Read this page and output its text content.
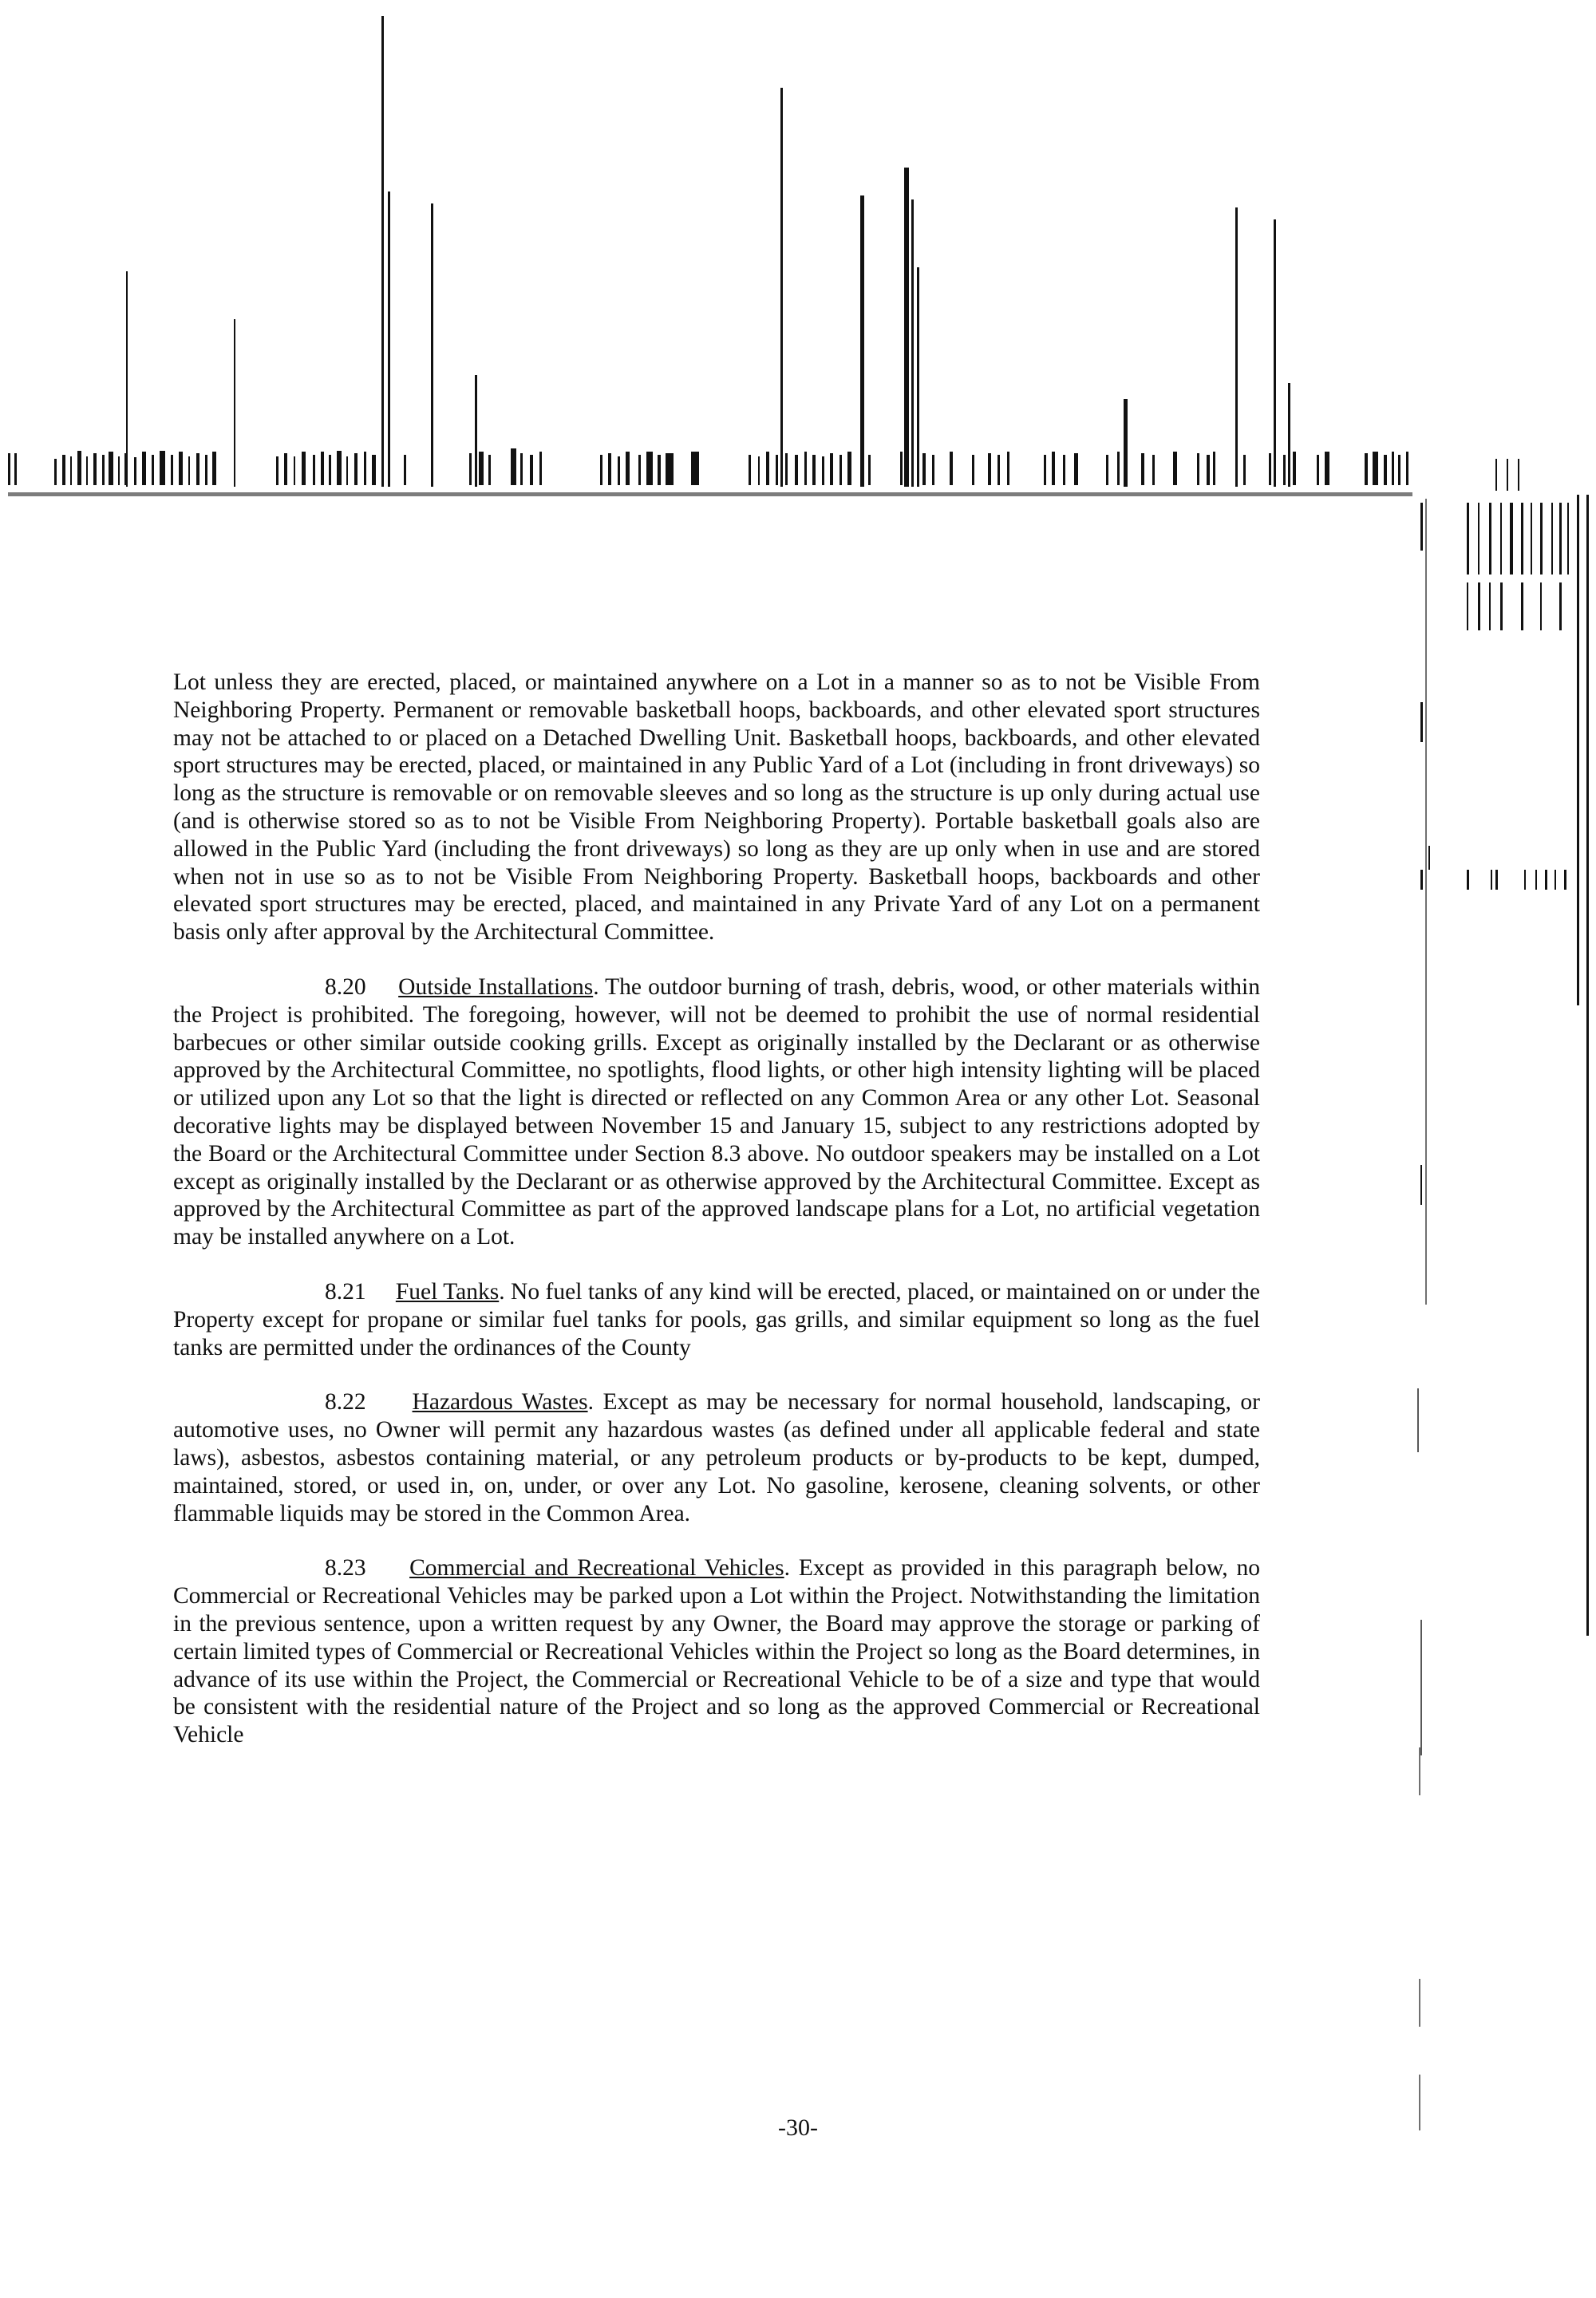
Lot unless they are erected, placed, or maintained anywhere on a Lot in a manner so as to not be Visible From Neighboring Property. Permanent or removable basketball hoops, backboards, and other elevated sport structures may not be attached to or placed on a Detached Dwelling Unit. Basketball hoops, backboards, and other elevated sport structures may be erected, placed, or maintained in any Public Yard of a Lot (including in front driveways) so long as the structure is removable or on removable sleeves and so long as the structure is up only during actual use (and is otherwise stored so as to not be Visible From Neighboring Property). Portable basketball goals also are allowed in the Public Yard (including the front driveways) so long as they are up only when in use and are stored when not in use so as to not be Visible From Neighboring Property. Basketball hoops, backboards and other elevated sport structures may be erected, placed, and maintained in any Private Yard of any Lot on a permanent basis only after approval by the Architectural Committee.

8.20 Outside Installations. The outdoor burning of trash, debris, wood, or other materials within the Project is prohibited. The foregoing, however, will not be deemed to prohibit the use of normal residential barbecues or other similar outside cooking grills. Except as originally installed by the Declarant or as otherwise approved by the Architectural Committee, no spotlights, flood lights, or other high intensity lighting will be placed or utilized upon any Lot so that the light is directed or reflected on any Common Area or any other Lot. Seasonal decorative lights may be displayed between November 15 and January 15, subject to any restrictions adopted by the Board or the Architectural Committee under Section 8.3 above. No outdoor speakers may be installed on a Lot except as originally installed by the Declarant or as otherwise approved by the Architectural Committee. Except as approved by the Architectural Committee as part of the approved landscape plans for a Lot, no artificial vegetation may be installed anywhere on a Lot.

8.21 Fuel Tanks. No fuel tanks of any kind will be erected, placed, or maintained on or under the Property except for propane or similar fuel tanks for pools, gas grills, and similar equipment so long as the fuel tanks are permitted under the ordinances of the County

8.22 Hazardous Wastes. Except as may be necessary for normal household, landscaping, or automotive uses, no Owner will permit any hazardous wastes (as defined under all applicable federal and state laws), asbestos, asbestos containing material, or any petroleum products or by-products to be kept, dumped, maintained, stored, or used in, on, under, or over any Lot. No gasoline, kerosene, cleaning solvents, or other flammable liquids may be stored in the Common Area.

8.23 Commercial and Recreational Vehicles. Except as provided in this paragraph below, no Commercial or Recreational Vehicles may be parked upon a Lot within the Project. Notwithstanding the limitation in the previous sentence, upon a written request by any Owner, the Board may approve the storage or parking of certain limited types of Commercial or Recreational Vehicles within the Project so long as the Board determines, in advance of its use within the Project, the Commercial or Recreational Vehicle to be of a size and type that would be consistent with the residential nature of the Project and so long as the approved Commercial or Recreational Vehicle

-30-
